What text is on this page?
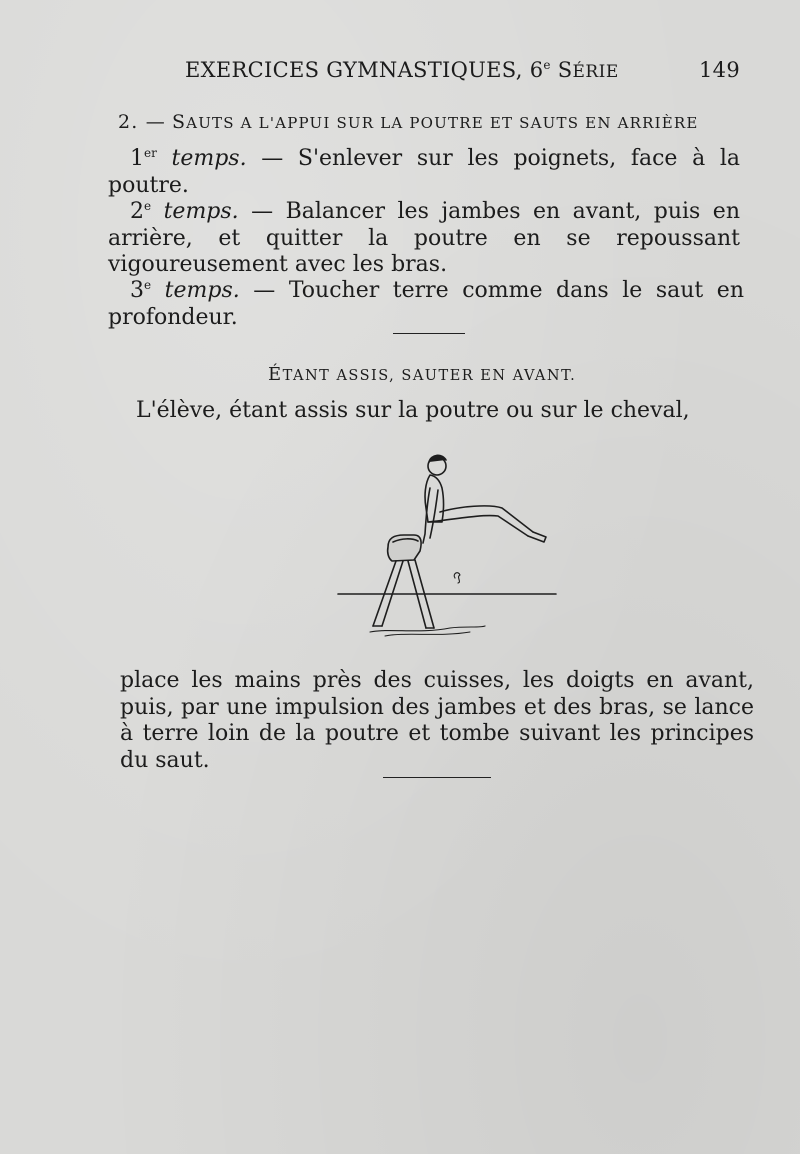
EXERCICES GYMNASTIQUES, 6e SÉRIE	149
2. — SAUTS A L'APPUI SUR LA POUTRE ET SAUTS EN ARRIÈRE
1er temps. — S'enlever sur les poignets, face à la poutre.
2e temps. — Balancer les jambes en avant, puis en arrière, et quitter la poutre en se repoussant vigoureusement avec les bras.
3e temps. — Toucher terre comme dans le saut en profondeur.
ÉTANT ASSIS, SAUTER EN AVANT.
L'élève, étant assis sur la poutre ou sur le cheval,
place les mains près des cuisses, les doigts en avant, puis, par une impulsion des jambes et des bras, se lance à terre loin de la poutre et tombe suivant les principes du saut.
